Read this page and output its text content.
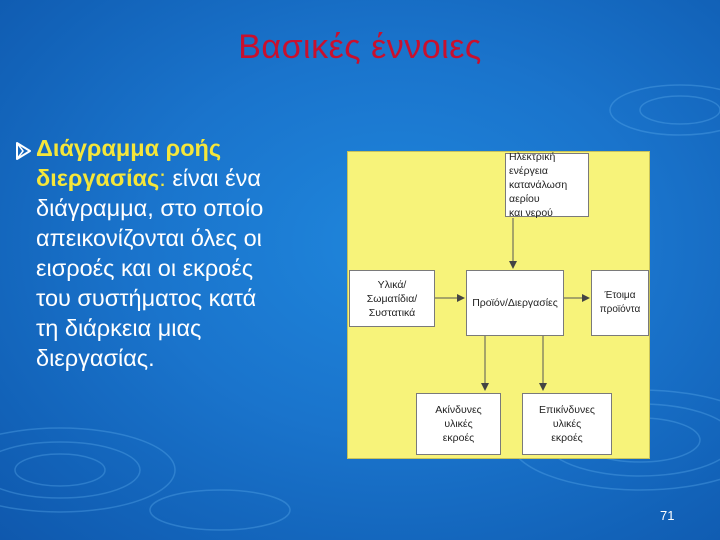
Βασικές έννοιες
Διάγραμμα ροής
διεργασίας: είναι ένα
διάγραμμα, στο οποίο
απεικονίζονται όλες οι
εισροές και οι εκροές
του συστήματος κατά
τη διάρκεια μιας
διεργασίας.
Ηλεκτρική ενέργεια
κατανάλωση αερίου
και νερού
Υλικά/Σωματίδια/
Συστατικά
Προϊόν/Διεργασίες
Έτοιμα προϊόντα
Ακίνδυνες υλικές
εκροές
Επικίνδυνες υλικές
εκροές
71
